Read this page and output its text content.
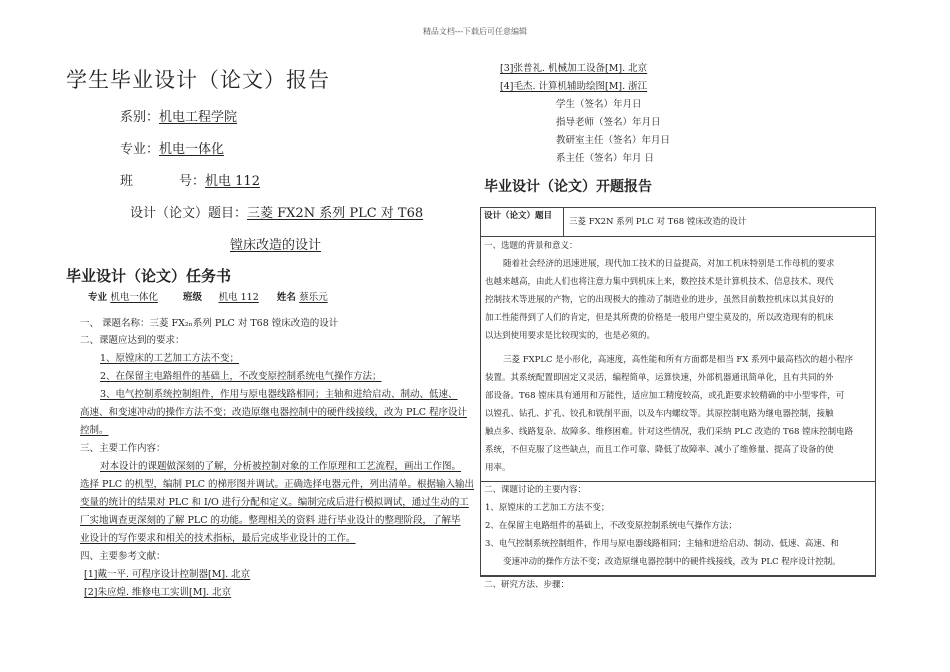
精品文档---下载后可任意编辑
学生毕业设计（论文）报告
系别：机电工程学院
专业：机电一体化
班	号：机电 112
设计（论文）题目：三菱 FX2N 系列 PLC 对 T68
镗床改造的设计
毕业设计（论文）任务书
专业 机电一体化	班级 机电 112 姓名 蔡乐元
一、 课题名称：三菱 FX₂ₙ系列 PLC 对 T68 镗床改造的设计
二、课题应达到的要求：
1、原镗床的工艺加工方法不变；
2、在保留主电路组件的基础上，不改变原控制系统电气操作方法；
3、电气控制系统控制组件，作用与原电器线路相同；主轴和进给启动、制动、低速、
高速、和变速冲动的操作方法不变；改造原继电器控制中的硬件线接线，改为 PLC 程序设计
控制。
三、主要工作内容：
对本设计的课题做深刻的了解，分析被控制对象的工作原理和工艺流程，画出工作图。
选择 PLC 的机型，编制 PLC 的梯形图并调试。正确选择电器元件，列出清单。根据输入输出
变量的统计的结果对 PLC 和 I/O 进行分配和定义。编制完成后进行模拟调试，通过生动的工
厂实地调查更深刻的了解 PLC 的功能。整理相关的资料 进行毕业设计的整理阶段，了解毕
业设计的写作要求和相关的技术指标，最后完成毕业设计的工作。
四、主要参考文献：
[1]戴一平. 可程序设计控制器[M]. 北京
[2]朱应煌. 维修电工实训[M]. 北京
[3]张普礼. 机械加工设备[M]. 北京
[4]毛杰. 计算机辅助绘图[M]. 浙江
学生（签名）年月日
指导老师（签名）年月日
教研室主任（签名）年月日
系主任（签名）年月 日
毕业设计（论文）开题报告
设计（论文）题目
三菱 FX2N 系列 PLC 对 T68 镗床改造的设计
一、选题的背景和意义：
随着社会经济的迅速进展，现代加工技术的日益提高，对加工机床特别是工作母机的要求
也越来越高，由此人们也将注意力集中到机床上来，数控技术是计算机技术、信息技术、现代
控制技术等进展的产物，它的出现极大的推动了制造业的进步，虽然目前数控机床以其良好的
加工性能得到了人们的肯定，但是其所费的价格是一般用户望尘莫及的，所以改造现有的机床
以达到使用要求是比较现实的，也是必须的。
三菱 FXPLC 是小形化，高速度，高性能和所有方面都是相当 FX 系列中最高档次的超小程序
装置。其系统配置即固定又灵活，编程简单，运算快速，外部机器通讯简单化，且有共同的外
部设备。T68 镗床具有通用和万能性，适应加工精度较高，或孔距要求较精确的中小型零件，可
以镗孔、钻孔、扩孔、铰孔和铣削平面，以及车内螺纹等。其原控制电路为继电器控制，接触
触点多、线路复杂、故障多、维修困难。针对这些情况，我们采纳 PLC 改造的 T68 镗床控制电路
系统，不但克服了这些缺点，而且工作可靠、降低了故障率、减小了维修量、提高了设备的使
用率。
二、课题讨论的主要内容：
1、原镗床的工艺加工方法不变；
2、在保留主电路组件的基础上，不改变原控制系统电气操作方法；
3、电气控制系统控制组件，作用与原电器线路相同；主轴和进给启动、制动、低速、高速、和
变速冲动的操作方法不变；改造原继电器控制中的硬件线接线，改为 PLC 程序设计控制。
二、研究方法、步骤：
